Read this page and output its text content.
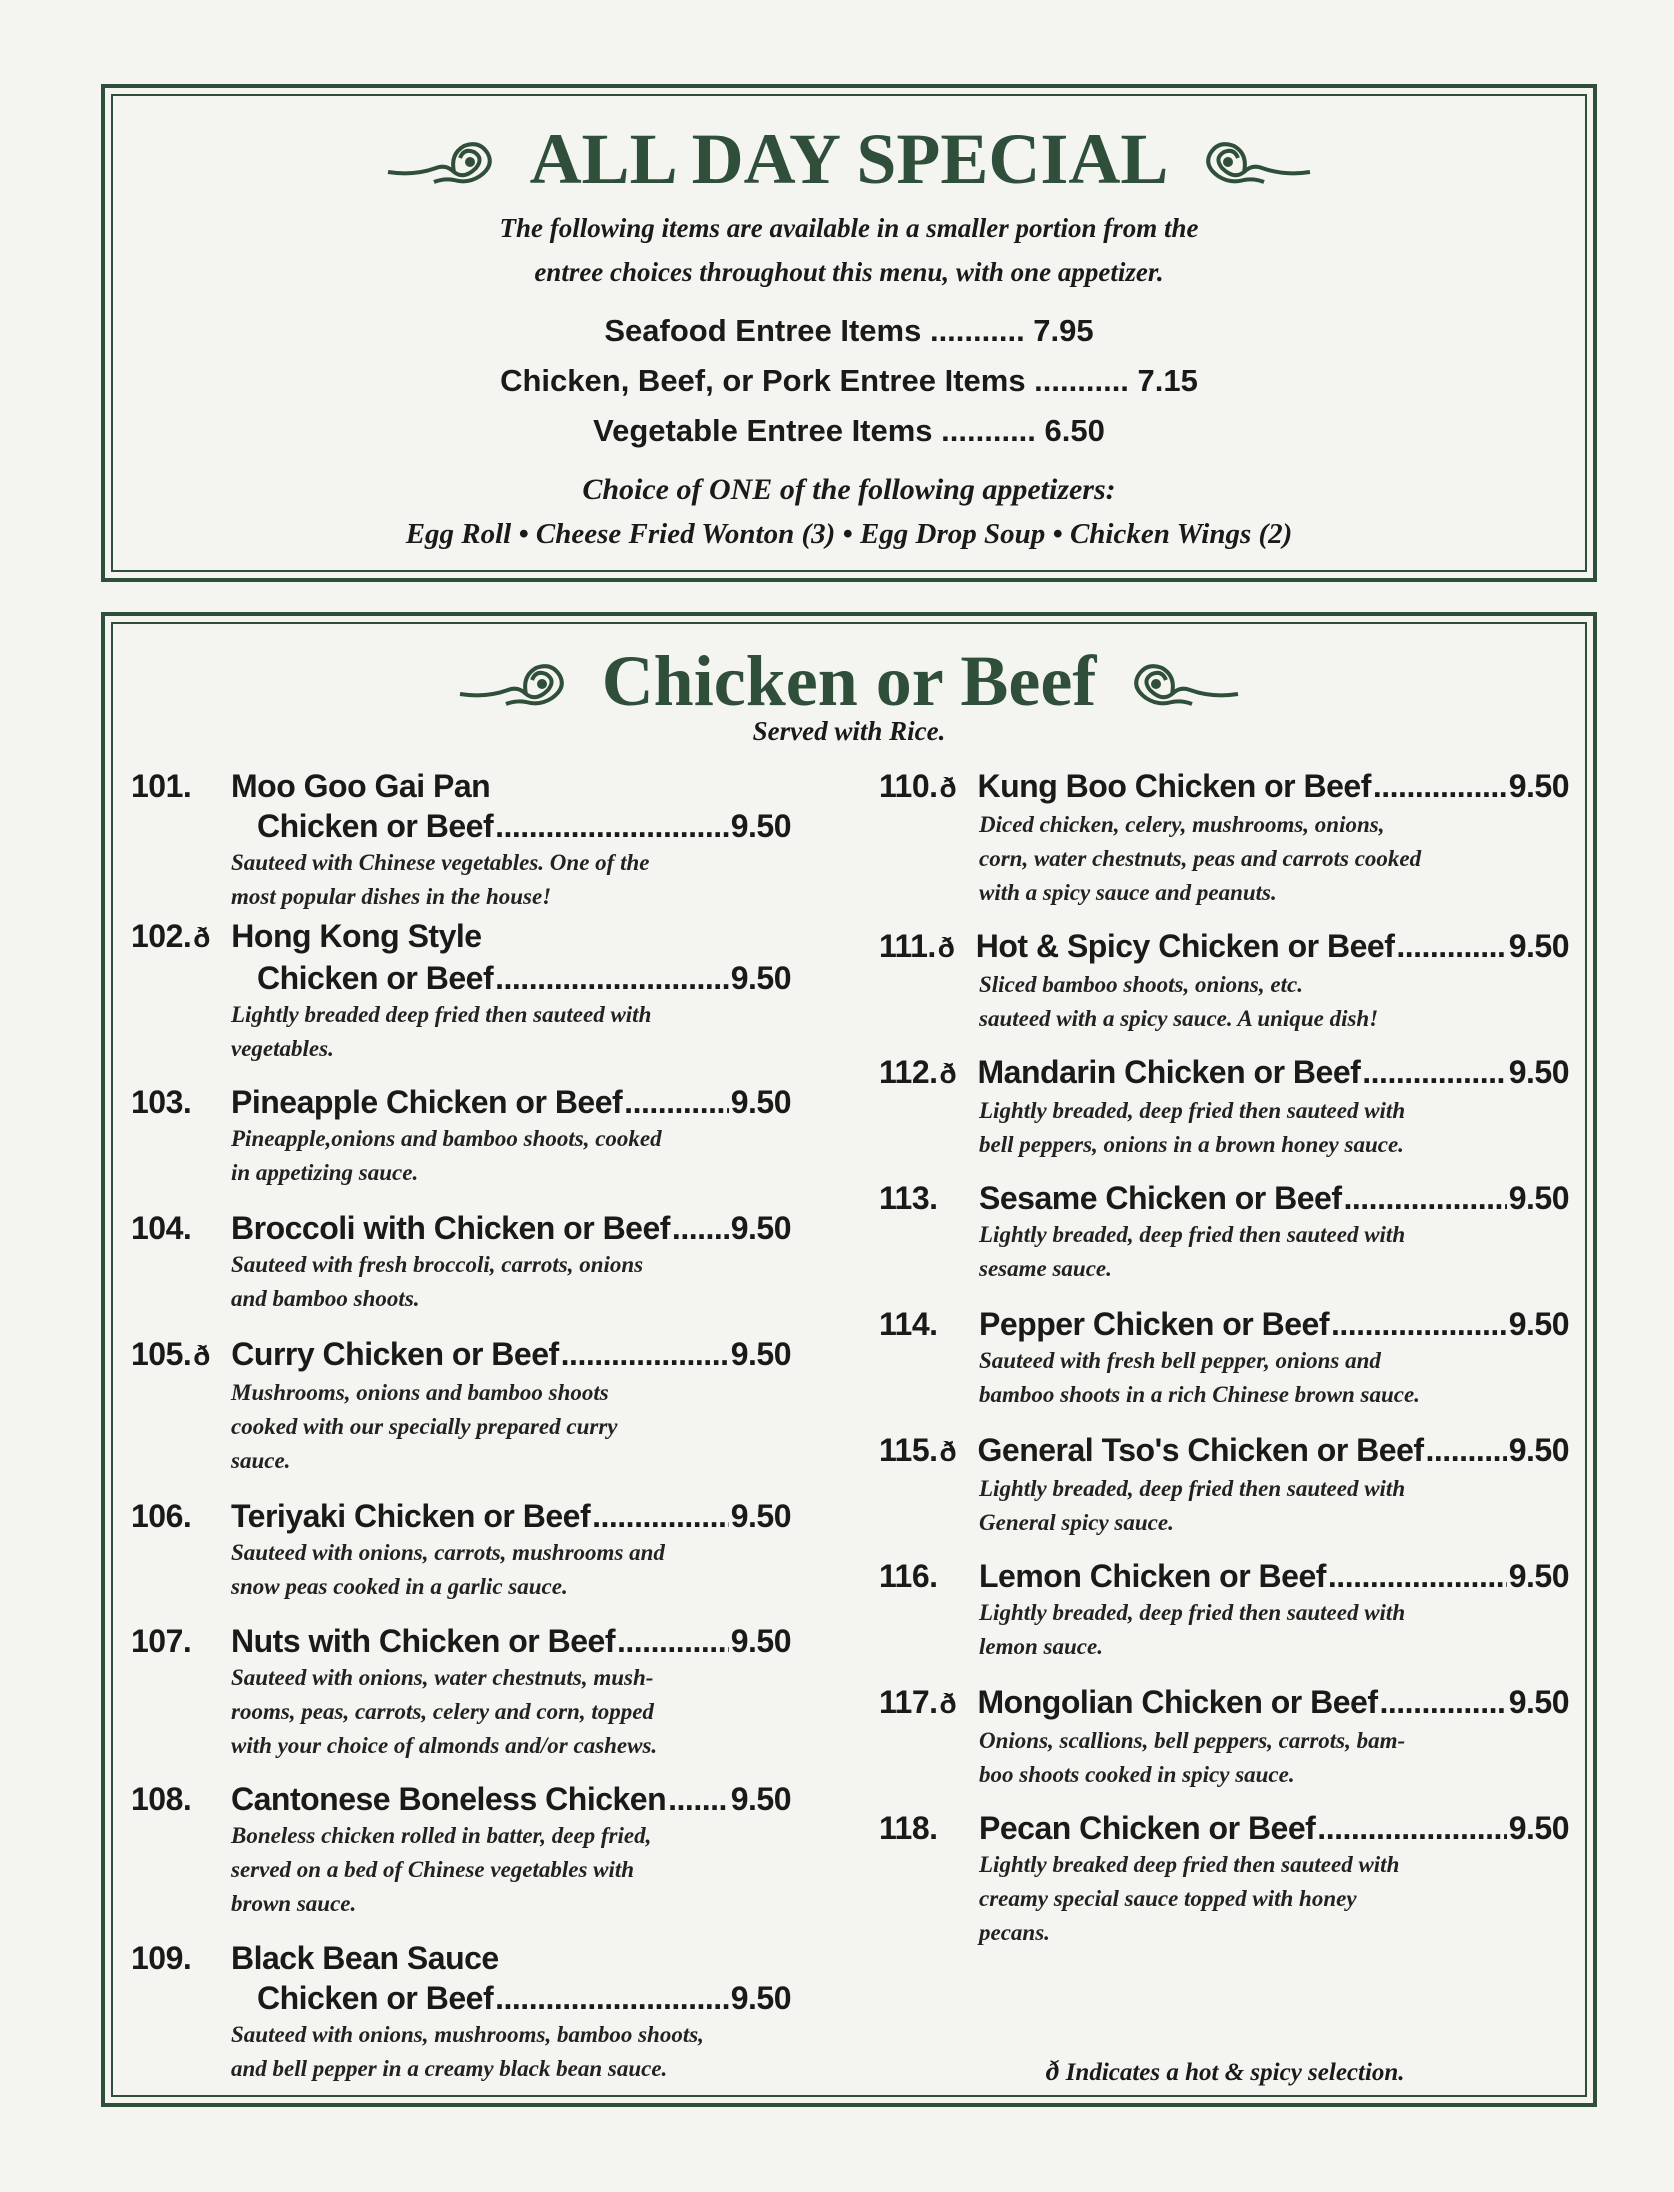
ALL DAY SPECIAL
The following items are available in a smaller portion from the
entree choices throughout this menu, with one appetizer.
Seafood Entree Items ........... 7.95
Chicken, Beef, or Pork Entree Items ........... 7.15
Vegetable Entree Items ........... 6.50
Choice of ONE of the following appetizers:
Egg Roll • Cheese Fried Wonton (3) • Egg Drop Soup • Chicken Wings (2)
Chicken or Beef
Served with Rice.
101.	Moo Goo Gai Pan
Chicken or Beef .....	9.50
Sauteed with Chinese vegetables. One of the
most popular dishes in the house!
102. ð Hong Kong Style
Chicken or Beef .....	9.50
Lightly breaded deep fried then sauteed with
vegetables.
103.	Pineapple Chicken or Beef .....	9.50
Pineapple,onions and bamboo shoots, cooked
in appetizing sauce.
104.	Broccoli with Chicken or Beef ..... 9.50
Sauteed with fresh broccoli, carrots, onions
and bamboo shoots.
105. ð Curry Chicken or Beef .....	9.50
Mushrooms, onions and bamboo shoots
cooked with our specially prepared curry
sauce.
106.	Teriyaki Chicken or Beef .....	9.50
Sauteed with onions, carrots, mushrooms and
snow peas cooked in a garlic sauce.
107.	Nuts with Chicken or Beef .....	9.50
Sauteed with onions, water chestnuts, mush-
rooms, peas, carrots, celery and corn, topped
with your choice of almonds and/or cashews.
108.	Cantonese Boneless Chicken ..... 9.50
Boneless chicken rolled in batter, deep fried,
served on a bed of Chinese vegetables with
brown sauce.
109.	Black Bean Sauce
Chicken or Beef .....	9.50
Sauteed with onions, mushrooms, bamboo shoots,
and bell pepper in a creamy black bean sauce.
110. ð Kung Boo Chicken or Beef .....	9.50
Diced chicken, celery, mushrooms, onions,
corn, water chestnuts, peas and carrots cooked
with a spicy sauce and peanuts.
111. ð Hot & Spicy Chicken or Beef .....	9.50
Sliced bamboo shoots, onions, etc.
sauteed with a spicy sauce. A unique dish!
112. ð Mandarin Chicken or Beef .....	9.50
Lightly breaded, deep fried then sauteed with
bell peppers, onions in a brown honey sauce.
113.	Sesame Chicken or Beef .....	9.50
Lightly breaded, deep fried then sauteed with
sesame sauce.
114.	Pepper Chicken or Beef .....	9.50
Sauteed with fresh bell pepper, onions and
bamboo shoots in a rich Chinese brown sauce.
115. ð General Tso's Chicken or Beef .....	9.50
Lightly breaded, deep fried then sauteed with
General spicy sauce.
116.	Lemon Chicken or Beef .....	9.50
Lightly breaded, deep fried then sauteed with
lemon sauce.
117. ð Mongolian Chicken or Beef .....	9.50
Onions, scallions, bell peppers, carrots, bam-
boo shoots cooked in spicy sauce.
118.	Pecan Chicken or Beef .....	9.50
Lightly breaked deep fried then sauteed with
creamy special sauce topped with honey
pecans.
ð Indicates a hot & spicy selection.
